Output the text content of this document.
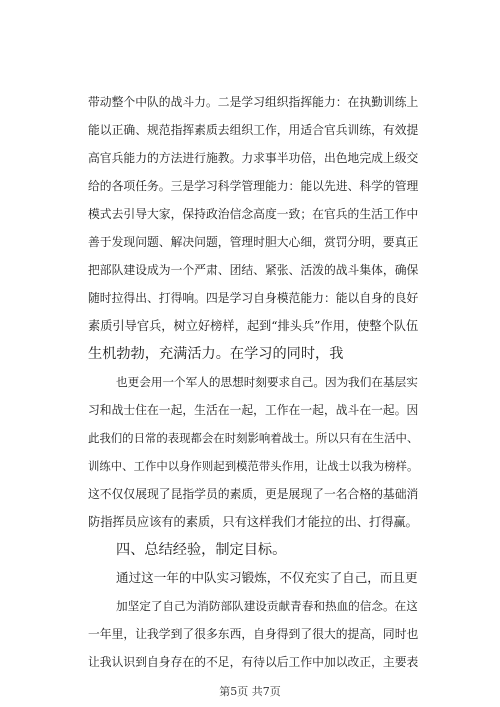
带动整个中队的战斗力。二是学习组织指挥能力：在执勤训练上
能以正确、规范指挥素质去组织工作，用适合官兵训练，有效提
高官兵能力的方法进行施教。力求事半功倍，出色地完成上级交
给的各项任务。三是学习科学管理能力：能以先进、科学的管理
模式去引导大家，保持政治信念高度一致；在官兵的生活工作中
善于发现问题、解决问题，管理时胆大心细，赏罚分明，要真正
把部队建设成为一个严肃、团结、紧张、活泼的战斗集体，确保
随时拉得出、打得响。四是学习自身模范能力：能以自身的良好
素质引导官兵，树立好榜样，起到“排头兵”作用，使整个队伍
生机勃勃，充满活力。在学习的同时，我
也更会用一个军人的思想时刻要求自己。因为我们在基层实
习和战士住在一起，生活在一起，工作在一起，战斗在一起。因
此我们的日常的表现都会在时刻影响着战士。所以只有在生活中、
训练中、工作中以身作则起到模范带头作用，让战士以我为榜样。
这不仅仅展现了昆指学员的素质，更是展现了一名合格的基础消
防指挥员应该有的素质，只有这样我们才能拉的出、打得赢。
四、总结经验，制定目标。
通过这一年的中队实习锻炼，不仅充实了自己，而且更
加坚定了自己为消防部队建设贡献青春和热血的信念。在这
一年里，让我学到了很多东西，自身得到了很大的提高，同时也
让我认识到自身存在的不足，有待以后工作中加以改正，主要表
第5页 共7页
